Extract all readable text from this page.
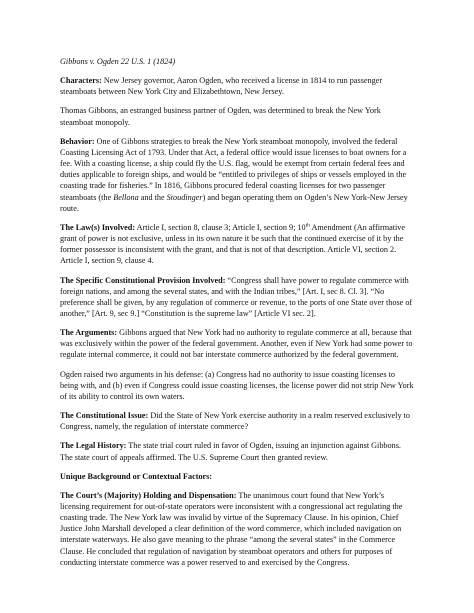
Gibbons v. Ogden 22 U.S. 1 (1824)

Characters: New Jersey governor, Aaron Ogden, who received a license in 1814 to run passenger steamboats between New York City and Elizabethtown, New Jersey.

Thomas Gibbons, an estranged business partner of Ogden, was determined to break the New York steamboat monopoly.

Behavior: One of Gibbons strategies to break the New York steamboat monopoly, involved the federal Coasting Licensing Act of 1793. Under that Act, a federal office would issue licenses to boat owners for a fee. With a coasting license, a ship could fly the U.S. flag, would be exempt from certain federal fees and duties applicable to foreign ships, and would be “entitled to privileges of ships or vessels employed in the coasting trade for fisheries.” In 1816, Gibbons procured federal coasting licenses for two passenger steamboats (the Bellona and the Stoudinger) and began operating them on Ogden’s New York-New Jersey route.

The Law(s) Involved: Article I, section 8, clause 3; Article I, section 9; 10th Amendment (An affirmative grant of power is not exclusive, unless in its own nature it be such that the continued exercise of it by the former possessor is inconsistent with the grant, and that is not of that description. Article VI, section 2. Article I, section 9, clause 4.

The Specific Constitutional Provision Involved: “Congress shall have power to regulate commerce with foreign nations, and among the several states, and with the Indian tribes,” [Art. I, sec 8. Cl. 3]. “No preference shall be given, by any regulation of commerce or revenue, to the ports of one State over those of another,” [Art. 9, sec 9.] “Constitution is the supreme law” [Article VI sec. 2].

The Arguments: Gibbons argued that New York had no authority to regulate commerce at all, because that was exclusively within the power of the federal government. Another, even if New York had some power to regulate internal commerce, it could not bar interstate commerce authorized by the federal government.

Ogden raised two arguments in his defense: (a) Congress had no authority to issue coasting licenses to being with, and (b) even if Congress could issue coasting licenses, the license power did not strip New York of its ability to control its own waters.

The Constitutional Issue: Did the State of New York exercise authority in a realm reserved exclusively to Congress, namely, the regulation of interstate commerce?

The Legal History: The state trial court ruled in favor of Ogden, issuing an injunction against Gibbons. The state court of appeals affirmed. The U.S. Supreme Court then granted review.

Unique Background or Contextual Factors:

The Court’s (Majority) Holding and Dispensation: The unanimous court found that New York’s licensing requirement for out-of-state operators were inconsistent with a congressional act regulating the coasting trade. The New York law was invalid by virtue of the Supremacy Clause. In his opinion, Chief Justice John Marshall developed a clear definition of the word commerce, which included navigation on interstate waterways. He also gave meaning to the phrase “among the several states” in the Commerce Clause. He concluded that regulation of navigation by steamboat operators and others for purposes of conducting interstate commerce was a power reserved to and exercised by the Congress.
